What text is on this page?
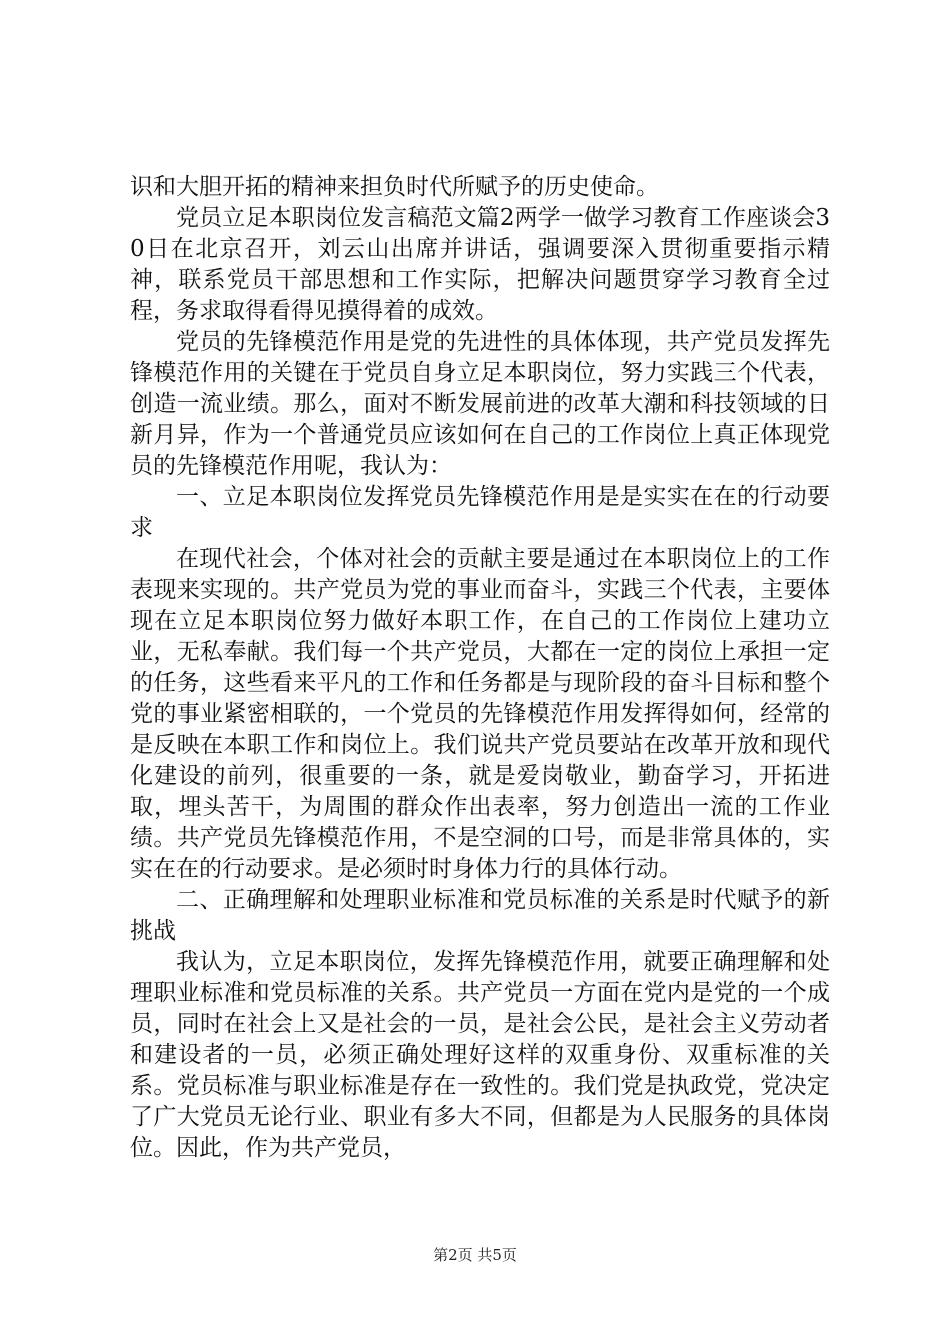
识和大胆开拓的精神来担负时代所赋予的历史使命。

党员立足本职岗位发言稿范文篇2两学一做学习教育工作座谈会30日在北京召开，刘云山出席并讲话，强调要深入贯彻重要指示精神，联系党员干部思想和工作实际，把解决问题贯穿学习教育全过程，务求取得看得见摸得着的成效。

党员的先锋模范作用是党的先进性的具体体现，共产党员发挥先锋模范作用的关键在于党员自身立足本职岗位，努力实践三个代表，创造一流业绩。那么，面对不断发展前进的改革大潮和科技领域的日新月异，作为一个普通党员应该如何在自己的工作岗位上真正体现党员的先锋模范作用呢，我认为：

一、立足本职岗位发挥党员先锋模范作用是是实实在在的行动要求

在现代社会，个体对社会的贡献主要是通过在本职岗位上的工作表现来实现的。共产党员为党的事业而奋斗，实践三个代表，主要体现在立足本职岗位努力做好本职工作，在自己的工作岗位上建功立业，无私奉献。我们每一个共产党员，大都在一定的岗位上承担一定的任务，这些看来平凡的工作和任务都是与现阶段的奋斗目标和整个党的事业紧密相联的，一个党员的先锋模范作用发挥得如何，经常的是反映在本职工作和岗位上。我们说共产党员要站在改革开放和现代化建设的前列，很重要的一条，就是爱岗敬业，勤奋学习，开拓进取，埋头苦干，为周围的群众作出表率，努力创造出一流的工作业绩。共产党员先锋模范作用，不是空洞的口号，而是非常具体的，实实在在的行动要求。是必须时时身体力行的具体行动。

二、正确理解和处理职业标准和党员标准的关系是时代赋予的新挑战

我认为，立足本职岗位，发挥先锋模范作用，就要正确理解和处理职业标准和党员标准的关系。共产党员一方面在党内是党的一个成员，同时在社会上又是社会的一员，是社会公民，是社会主义劳动者和建设者的一员，必须正确处理好这样的双重身份、双重标准的关系。党员标准与职业标准是存在一致性的。我们党是执政党，党决定了广大党员无论行业、职业有多大不同，但都是为人民服务的具体岗位。因此，作为共产党员，

第2页 共5页
